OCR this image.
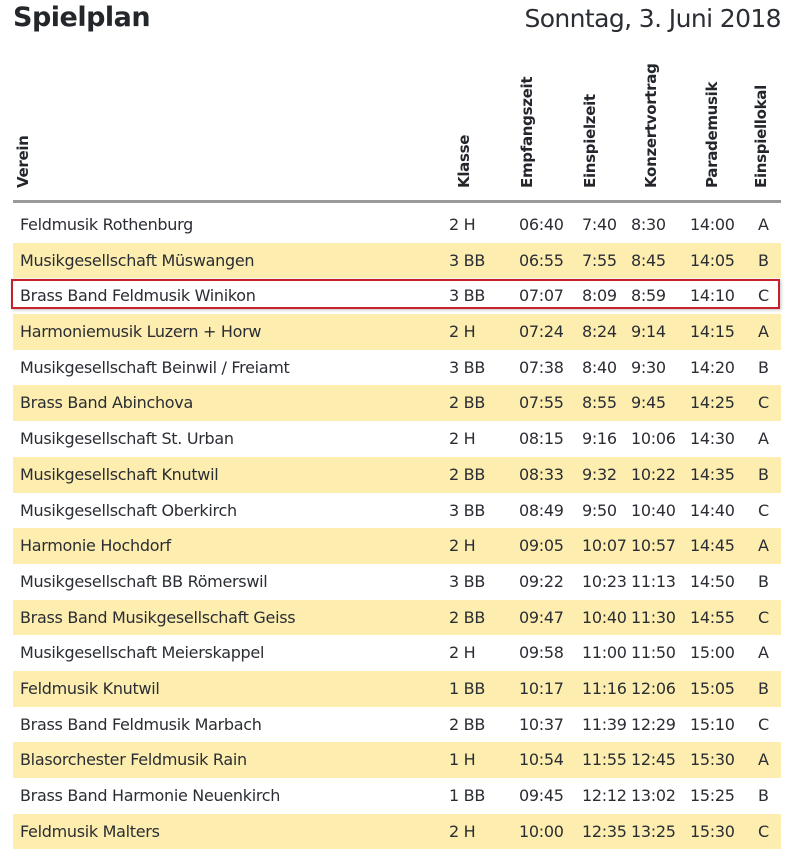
Spielplan	Sonntag, 3. Juni 2018
Verein	Klasse	Empfangszeit	Einspielzeit	Konzertvortrag	Parademusik Einspiellokal
Feldmusik Rothenburg	2 H	06:40 7:40 8:30 14:00 A
Musikgesellschaft Müswangen	3 BB 06:55 7:55 8:45 14:05 B
Brass Band Feldmusik Winikon	3 BB 07:07 8:09 8:59 14:10 C
Harmoniemusik Luzern + Horw	2 H	07:24 8:24 9:14 14:15 A
Musikgesellschaft Beinwil / Freiamt	3 BB 07:38 8:40 9:30 14:20 B
Brass Band Abinchova	2 BB 07:55 8:55 9:45 14:25 C
Musikgesellschaft St. Urban	2 H	08:15 9:16 10:06 14:30 A
Musikgesellschaft Knutwil	2 BB 08:33 9:32 10:22 14:35 B
Musikgesellschaft Oberkirch	3 BB 08:49 9:50 10:40 14:40 C
Harmonie Hochdorf	2 H	09:05 10:07 10:57 14:45 A
Musikgesellschaft BB Römerswil	3 BB 09:22 10:23 11:13 14:50 B
Brass Band Musikgesellschaft Geiss	2 BB 09:47 10:40 11:30 14:55 C
Musikgesellschaft Meierskappel	2 H	09:58 11:00 11:50 15:00 A
Feldmusik Knutwil	1 BB 10:17 11:16 12:06 15:05 B
Brass Band Feldmusik Marbach	2 BB 10:37 11:39 12:29 15:10 C
Blasorchester Feldmusik Rain	1 H	10:54 11:55 12:45 15:30 A
Brass Band Harmonie Neuenkirch	1 BB 09:45 12:12 13:02 15:25 B
Feldmusik Malters	2 H	10:00 12:35 13:25 15:30 C
